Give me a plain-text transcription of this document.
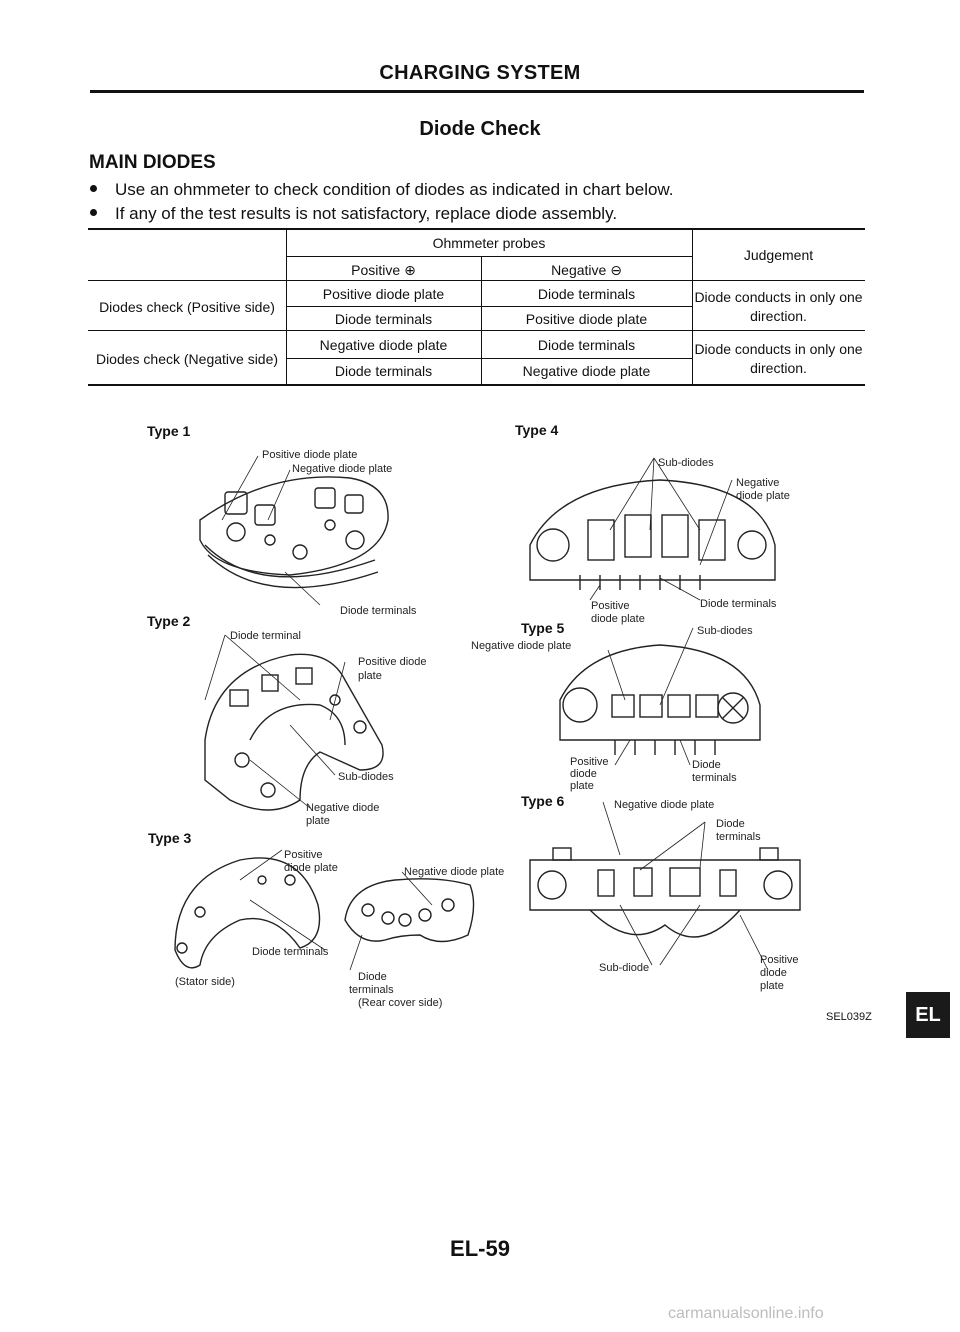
CHARGING SYSTEM
Diode Check
MAIN DIODES
Use an ohmmeter to check condition of diodes as indicated in chart below.
If any of the test results is not satisfactory, replace diode assembly.
Ohmmeter probes
Positive ⊕	Negative ⊖
Judgement
Diodes check (Positive side)
Positive diode plate	Diode terminals
Diode terminals	Positive diode plate
Diode conducts in only one
direction.
Diodes check (Negative side)
Negative diode plate	Diode terminals
Diode terminals	Negative diode plate
Diode conducts in only one
direction.
Type 1
Positive diode plate
Negative diode plate
Diode terminals
Type 2
Diode terminal
Positive diode
plate
Sub-diodes
Negative diode
plate
Type 3
Positive
diode plate
Diode terminals
(Stator side)
Negative diode plate
Diode
terminals
(Rear cover side)
Type 4
Sub-diodes
Negative
diode plate
Positive
diode plate
Diode terminals
Type 5
Negative diode plate
Sub-diodes
Positive
diode
plate
Diode
terminals
Type 6	Negative diode plate
Diode
terminals
Sub-diode
Positive
diode
plate
SEL039Z	EL
EL-59
carmanualsonline.info
